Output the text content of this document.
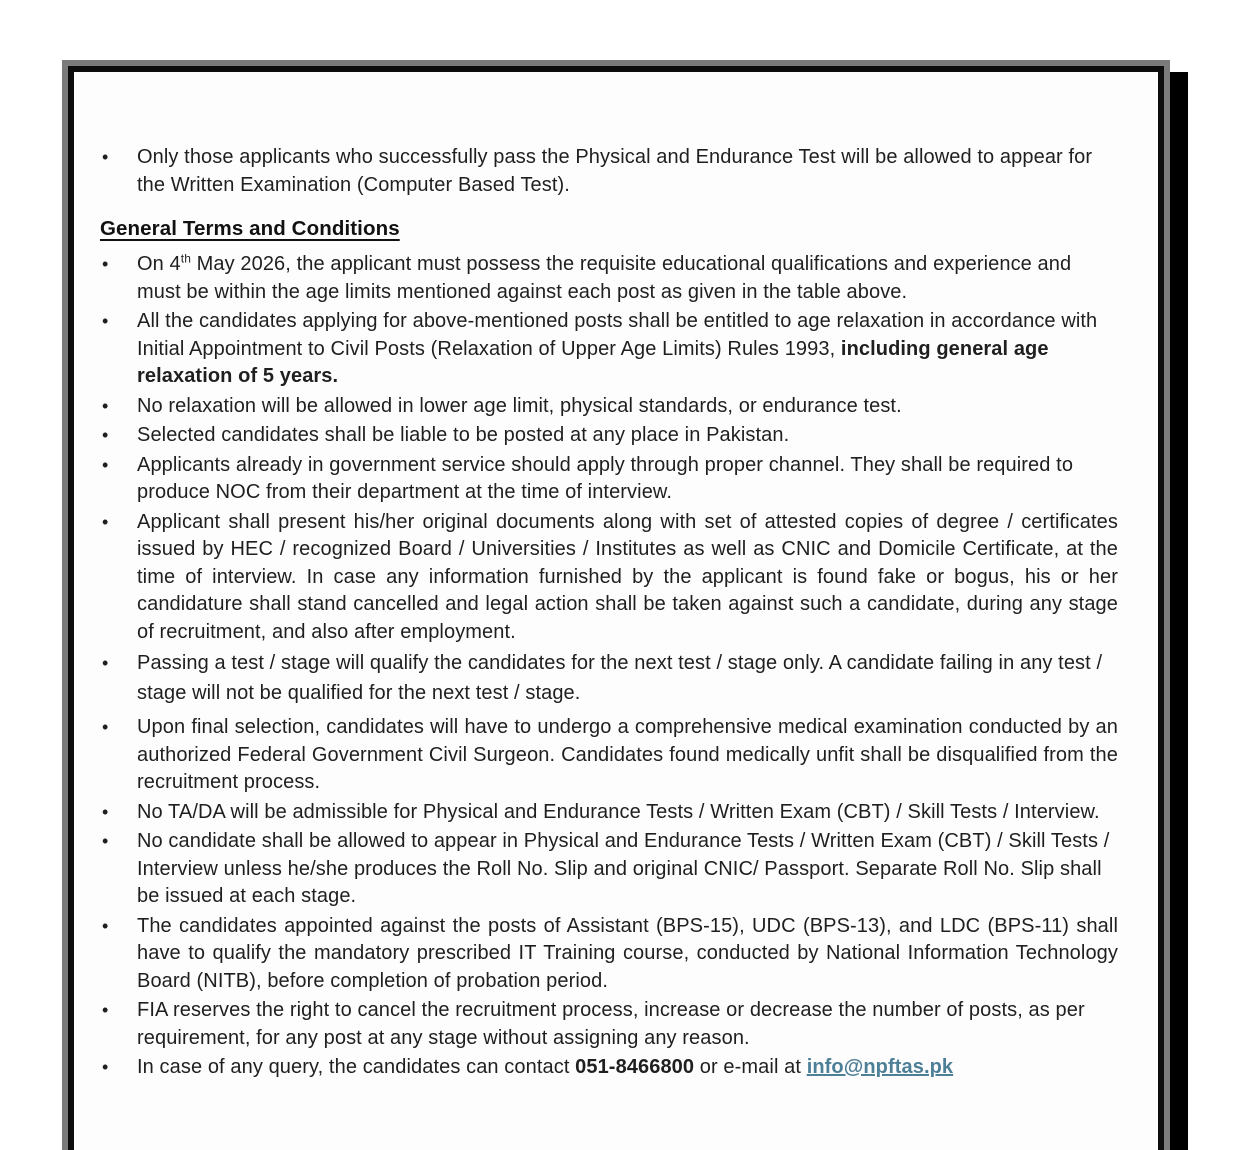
•	Only those applicants who successfully pass the Physical and Endurance Test will be allowed to appear for the Written Examination (Computer Based Test).
General Terms and Conditions
•	On 4th May 2026, the applicant must possess the requisite educational qualifications and experience and must be within the age limits mentioned against each post as given in the table above.
•	All the candidates applying for above-mentioned posts shall be entitled to age relaxation in accordance with Initial Appointment to Civil Posts (Relaxation of Upper Age Limits) Rules 1993, including general age relaxation of 5 years.
•	No relaxation will be allowed in lower age limit, physical standards, or endurance test.
•	Selected candidates shall be liable to be posted at any place in Pakistan.
•	Applicants already in government service should apply through proper channel. They shall be required to produce NOC from their department at the time of interview.
•	Applicant shall present his/her original documents along with set of attested copies of degree / certificates issued by HEC / recognized Board / Universities / Institutes as well as CNIC and Domicile Certificate, at the time of interview. In case any information furnished by the applicant is found fake or bogus, his or her candidature shall stand cancelled and legal action shall be taken against such a candidate, during any stage of recruitment, and also after employment.
•	Passing a test / stage will qualify the candidates for the next test / stage only. A candidate failing in any test / stage will not be qualified for the next test / stage.
•	Upon final selection, candidates will have to undergo a comprehensive medical examination conducted by an authorized Federal Government Civil Surgeon. Candidates found medically unfit shall be disqualified from the recruitment process.
•	No TA/DA will be admissible for Physical and Endurance Tests / Written Exam (CBT) / Skill Tests / Interview.
•	No candidate shall be allowed to appear in Physical and Endurance Tests / Written Exam (CBT) / Skill Tests / Interview unless he/she produces the Roll No. Slip and original CNIC/ Passport. Separate Roll No. Slip shall be issued at each stage.
•	The candidates appointed against the posts of Assistant (BPS-15), UDC (BPS-13), and LDC (BPS-11) shall have to qualify the mandatory prescribed IT Training course, conducted by National Information Technology Board (NITB), before completion of probation period.
•	FIA reserves the right to cancel the recruitment process, increase or decrease the number of posts, as per requirement, for any post at any stage without assigning any reason.
•	In case of any query, the candidates can contact 051-8466800 or e-mail at info@npftas.pk
